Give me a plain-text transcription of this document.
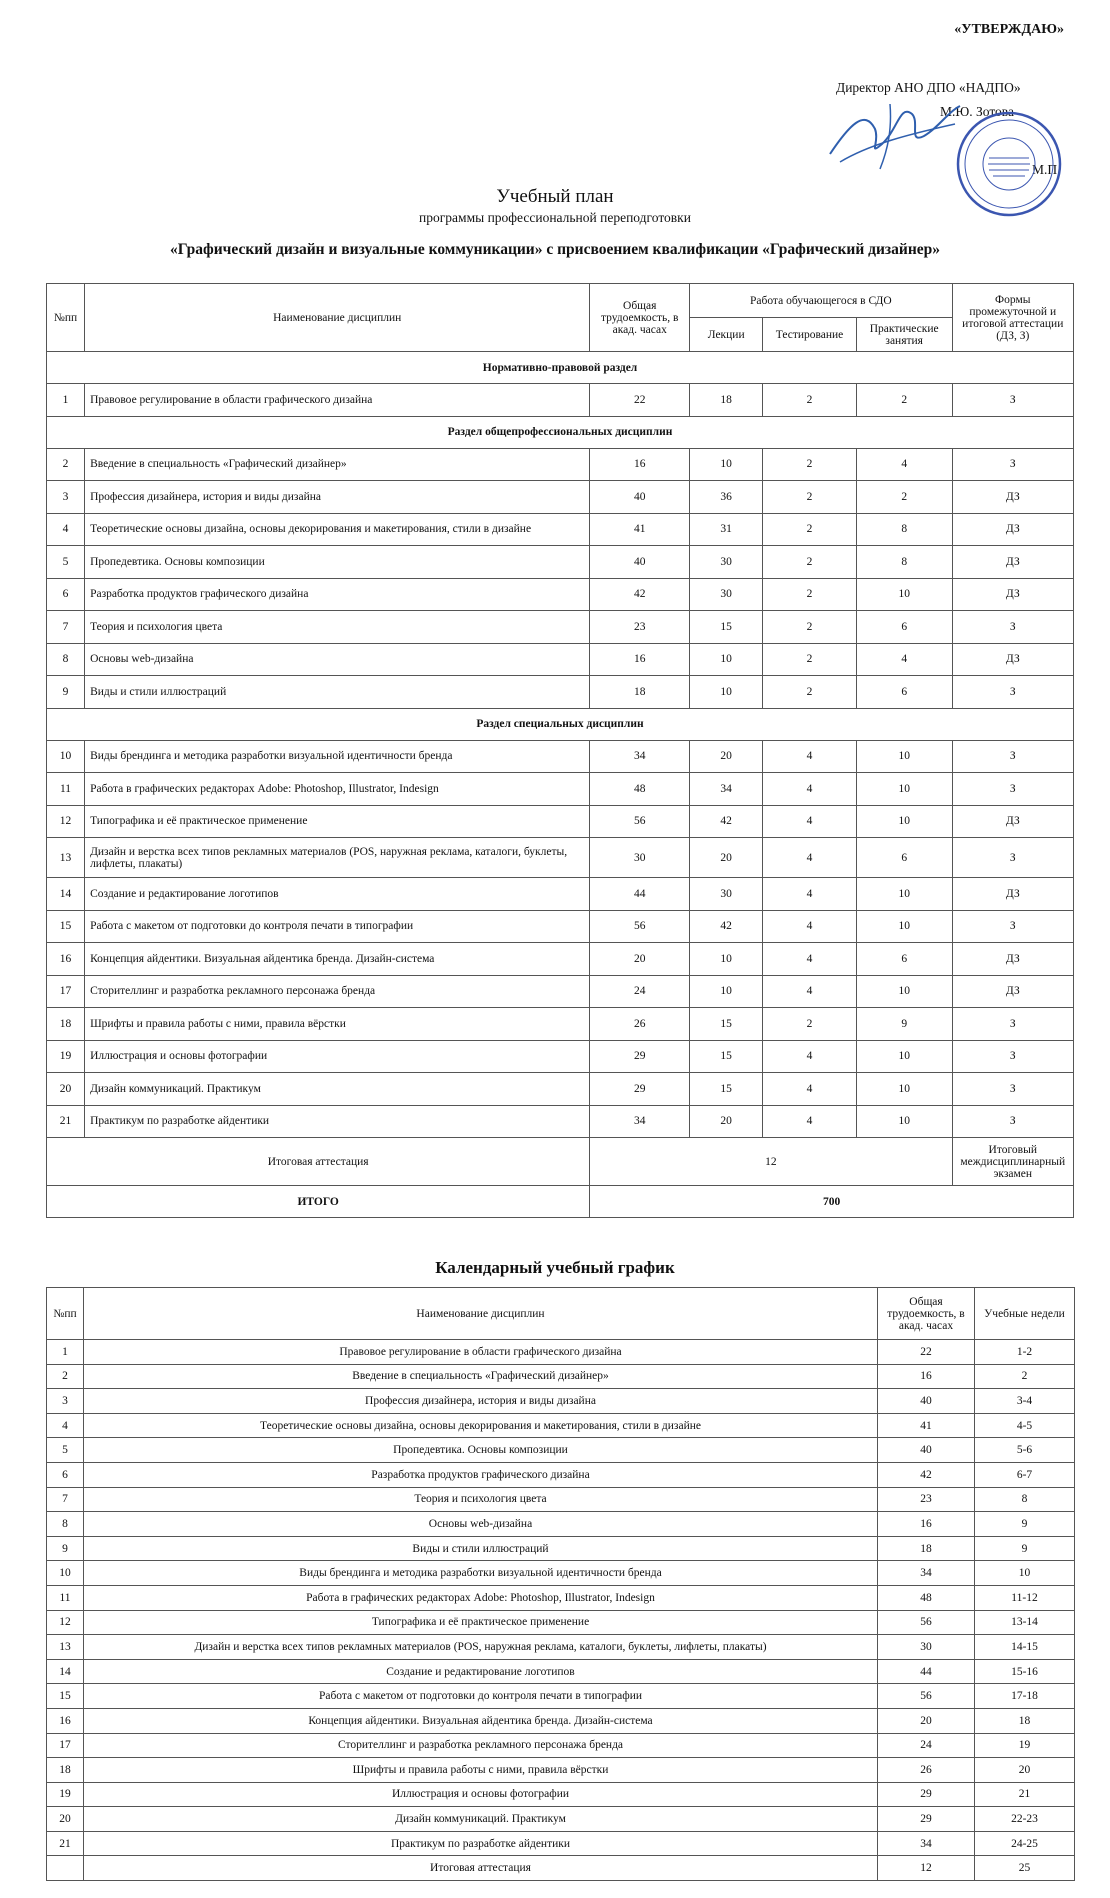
«УТВЕРЖДАЮ»
Директор АНО ДПО «НАДПО»
М.Ю. Зотова
М.П.
Учебный план
программы профессиональной переподготовки
«Графический дизайн и визуальные коммуникации» с присвоением квалификации «Графический дизайнер»
№пп	Наименование дисциплин	Общая трудоемкость, в акад. часах	Работа обучающегося в СДО			Формы промежуточной и итоговой аттестации (ДЗ, З)
			Лекции	Тестирование	Практические занятия	
Нормативно-правовой раздел						
1	Правовое регулирование в области графического дизайна	22	18	2	2	З
Раздел общепрофессиональных дисциплин						
2	Введение в специальность «Графический дизайнер»	16	10	2	4	З
3	Профессия дизайнера, история и виды дизайна	40	36	2	2	ДЗ
4	Теоретические основы дизайна, основы декорирования и макетирования, стили в дизайне	41	31	2	8	ДЗ
5	Пропедевтика. Основы композиции	40	30	2	8	ДЗ
6	Разработка продуктов графического дизайна	42	30	2	10	ДЗ
7	Теория и психология цвета	23	15	2	6	З
8	Основы web-дизайна	16	10	2	4	ДЗ
9	Виды и стили иллюстраций	18	10	2	6	З
Раздел специальных дисциплин						
10	Виды брендинга и методика разработки визуальной идентичности бренда	34	20	4	10	З
11	Работа в графических редакторах Adobe: Photoshop, Illustrator, Indesign	48	34	4	10	З
12	Типографика и её практическое применение	56	42	4	10	ДЗ
13	Дизайн и верстка всех типов рекламных материалов (POS, наружная реклама, каталоги, буклеты, лифлеты, плакаты)	30	20	4	6	З
14	Создание и редактирование логотипов	44	30	4	10	ДЗ
15	Работа с макетом от подготовки до контроля печати в типографии	56	42	4	10	З
16	Концепция айдентики. Визуальная айдентика бренда. Дизайн-система	20	10	4	6	ДЗ
17	Сторителлинг и разработка рекламного персонажа бренда	24	10	4	10	ДЗ
18	Шрифты и правила работы с ними, правила вёрстки	26	15	2	9	З
19	Иллюстрация и основы фотографии	29	15	4	10	З
20	Дизайн коммуникаций. Практикум	29	15	4	10	З
21	Практикум по разработке айдентики	34	20	4	10	З
Итоговая аттестация		12				Итоговый междисциплинарный экзамен
ИТОГО		700				
Календарный учебный график
№пп	Наименование дисциплин	Общая трудоемкость, в акад. часах	Учебные недели
1	Правовое регулирование в области графического дизайна	22	1-2
2	Введение в специальность «Графический дизайнер»	16	2
3	Профессия дизайнера, история и виды дизайна	40	3-4
4	Теоретические основы дизайна, основы декорирования и макетирования, стили в дизайне	41	4-5
5	Пропедевтика. Основы композиции	40	5-6
6	Разработка продуктов графического дизайна	42	6-7
7	Теория и психология цвета	23	8
8	Основы web-дизайна	16	9
9	Виды и стили иллюстраций	18	9
10	Виды брендинга и методика разработки визуальной идентичности бренда	34	10
11	Работа в графических редакторах Adobe: Photoshop, Illustrator, Indesign	48	11-12
12	Типографика и её практическое применение	56	13-14
13	Дизайн и верстка всех типов рекламных материалов (POS, наружная реклама, каталоги, буклеты, лифлеты, плакаты)	30	14-15
14	Создание и редактирование логотипов	44	15-16
15	Работа с макетом от подготовки до контроля печати в типографии	56	17-18
16	Концепция айдентики. Визуальная айдентика бренда. Дизайн-система	20	18
17	Сторителлинг и разработка рекламного персонажа бренда	24	19
18	Шрифты и правила работы с ними, правила вёрстки	26	20
19	Иллюстрация и основы фотографии	29	21
20	Дизайн коммуникаций. Практикум	29	22-23
21	Практикум по разработке айдентики	34	24-25
	Итоговая аттестация	12	25
